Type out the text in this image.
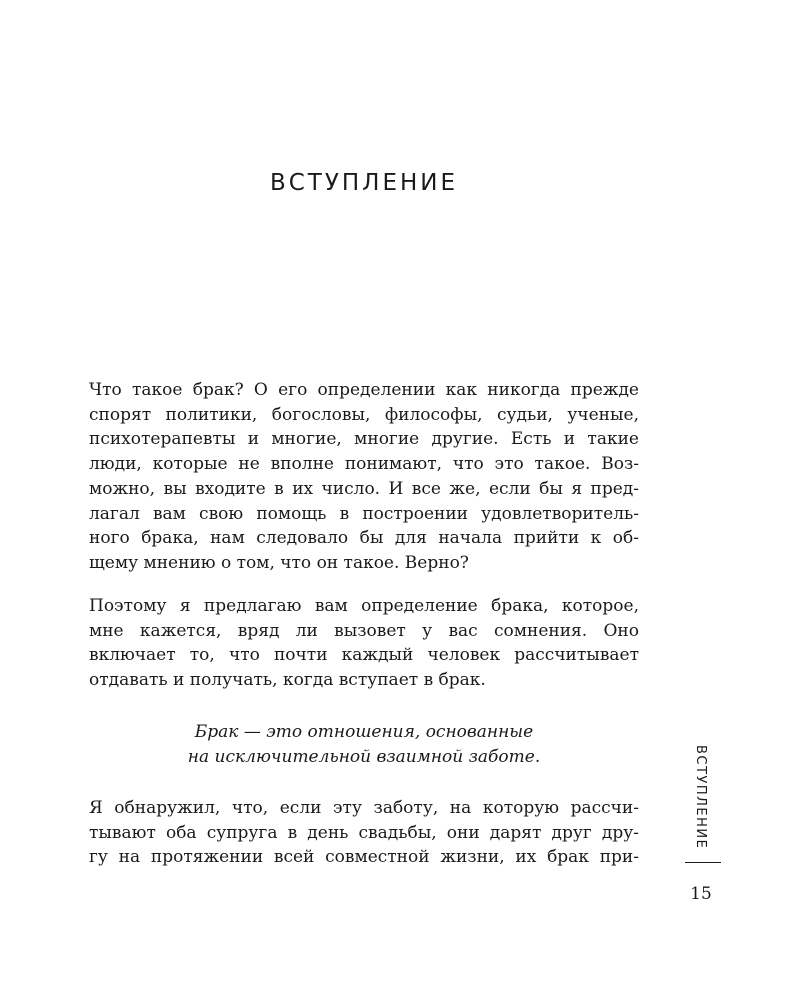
ВСТУПЛЕНИЕ
Что такое брак? О его определении как никогда прежде
спорят политики, богословы, философы, судьи, ученые,
психотерапевты и многие, многие другие. Есть и такие
люди, которые не вполне понимают, что это такое. Воз-
можно, вы входите в их число. И все же, если бы я пред-
лагал вам свою помощь в построении удовлетворитель-
ного брака, нам следовало бы для начала прийти к об-
щему мнению о том, что он такое. Верно?
Поэтому я предлагаю вам определение брака, которое,
мне кажется, вряд ли вызовет у вас сомнения. Оно
включает то, что почти каждый человек рассчитывает
отдавать и получать, когда вступает в брак.
Брак — это отношения, основанные
на исключительной взаимной заботе.
Я обнаружил, что, если эту заботу, на которую рассчи-
тывают оба супруга в день свадьбы, они дарят друг дру-
гу на протяжении всей совместной жизни, их брак при-
ВСТУПЛЕНИЕ
15
